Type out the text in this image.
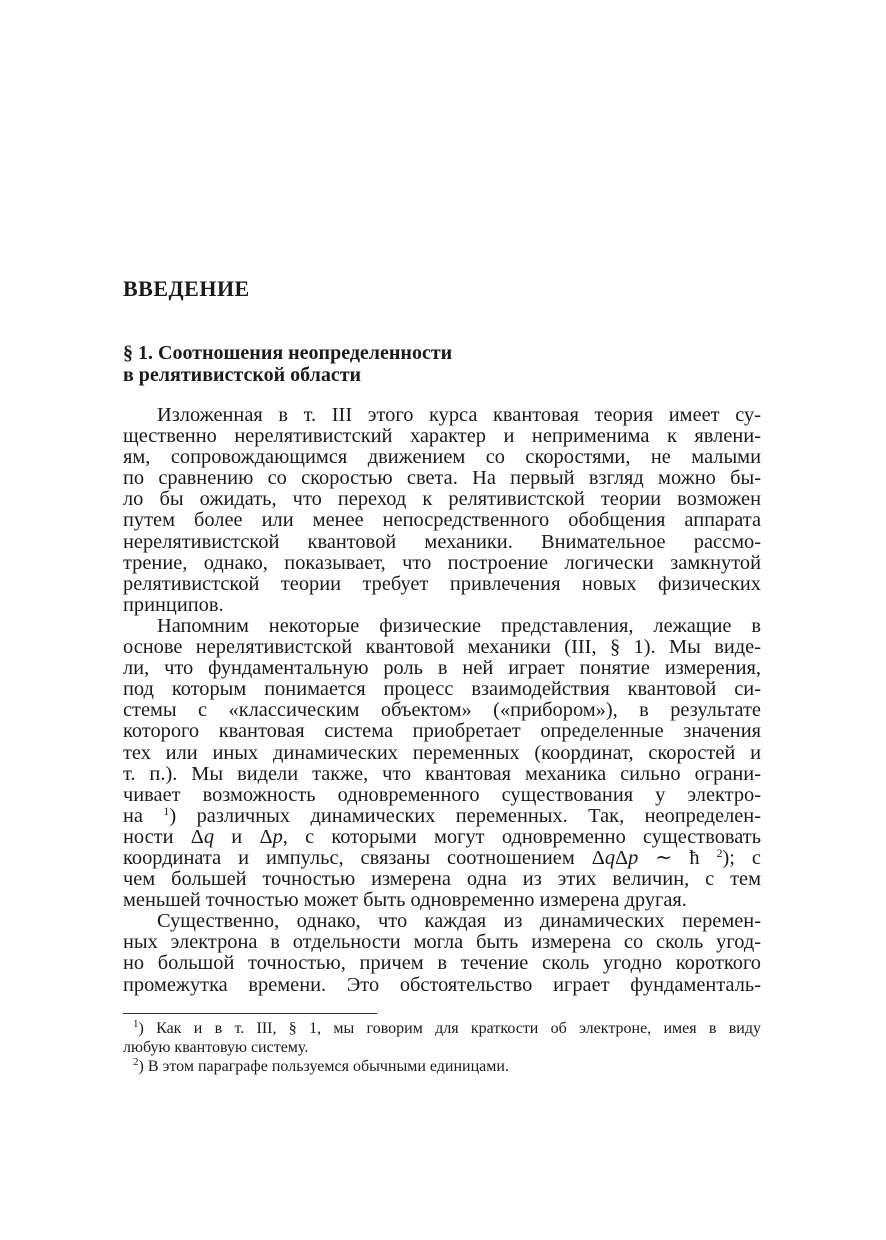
ВВЕДЕНИЕ
§ 1. Соотношения неопределенности
в релятивистской области
Изложенная в т. III этого курса квантовая теория имеет су-
щественно нерелятивистский характер и неприменима к явлени-
ям, сопровождающимся движением со скоростями, не малыми
по сравнению со скоростью света. На первый взгляд можно бы-
ло бы ожидать, что переход к релятивистской теории возможен
путем более или менее непосредственного обобщения аппарата
нерелятивистской квантовой механики. Внимательное рассмо-
трение, однако, показывает, что построение логически замкнутой
релятивистской теории требует привлечения новых физических
принципов.
Напомним некоторые физические представления, лежащие в
основе нерелятивистской квантовой механики (III, § 1). Мы виде-
ли, что фундаментальную роль в ней играет понятие измерения,
под которым понимается процесс взаимодействия квантовой си-
стемы с «классическим объектом» («прибором»), в результате
которого квантовая система приобретает определенные значения
тех или иных динамических переменных (координат, скоростей и
т. п.). Мы видели также, что квантовая механика сильно ограни-
чивает возможность одновременного существования у электро-
на $^1$) различных динамических переменных. Так, неопределен-
ности Δq и Δp, с которыми могут одновременно существовать
координата и импульс, связаны соотношением ΔqΔp ∼ ħ $^2$); с
чем большей точностью измерена одна из этих величин, с тем
меньшей точностью может быть одновременно измерена другая.
Существенно, однако, что каждая из динамических перемен-
ных электрона в отдельности могла быть измерена со сколь угод-
но большой точностью, причем в течение сколь угодно короткого
промежутка времени. Это обстоятельство играет фундаменталь-
$^1$) Как и в т. III, § 1, мы говорим для краткости об электроне, имея в виду
любую квантовую систему.
$^2$) В этом параграфе пользуемся обычными единицами.
